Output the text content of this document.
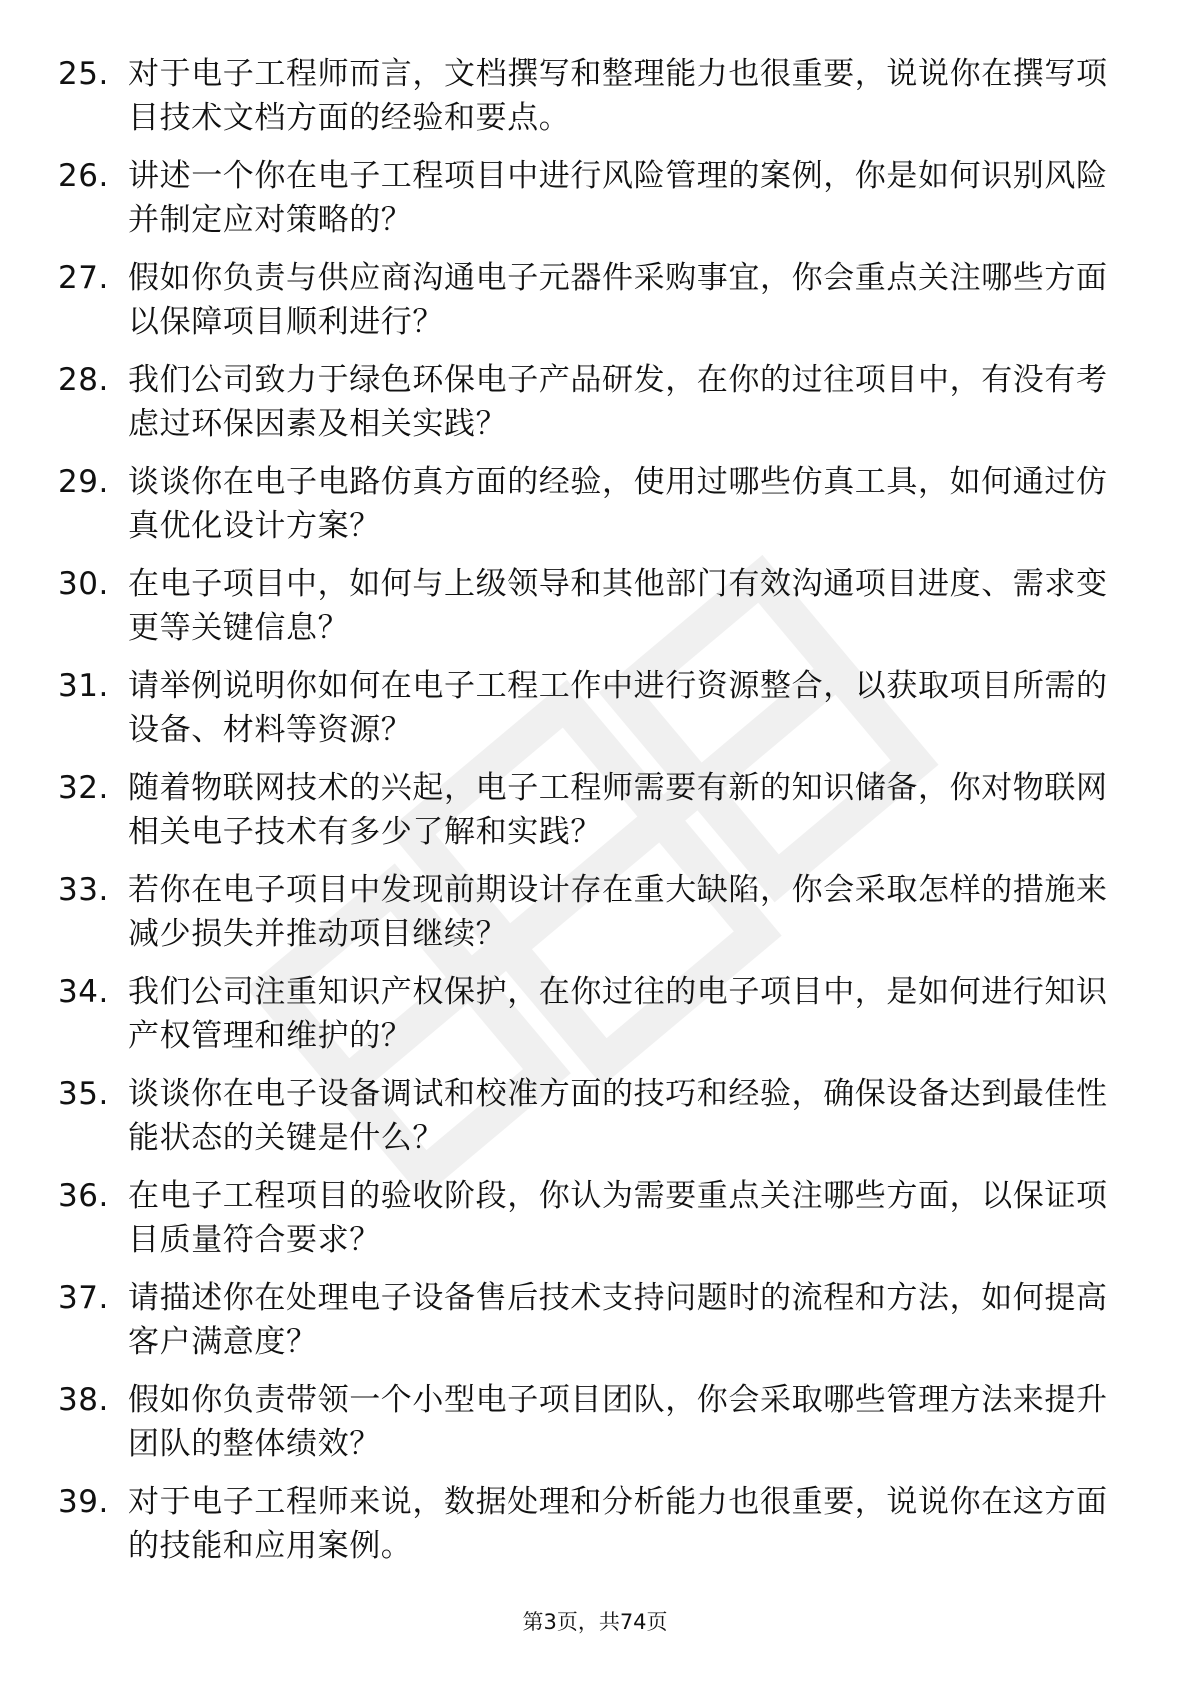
25. 对于电子工程师而言，文档撰写和整理能力也很重要，说说你在撰写项目技术文档方面的经验和要点。
26. 讲述一个你在电子工程项目中进行风险管理的案例，你是如何识别风险并制定应对策略的？
27. 假如你负责与供应商沟通电子元器件采购事宜，你会重点关注哪些方面以保障项目顺利进行？
28. 我们公司致力于绿色环保电子产品研发，在你的过往项目中，有没有考虑过环保因素及相关实践？
29. 谈谈你在电子电路仿真方面的经验，使用过哪些仿真工具，如何通过仿真优化设计方案？
30. 在电子项目中，如何与上级领导和其他部门有效沟通项目进度、需求变更等关键信息？
31. 请举例说明你如何在电子工程工作中进行资源整合，以获取项目所需的设备、材料等资源？
32. 随着物联网技术的兴起，电子工程师需要有新的知识储备，你对物联网相关电子技术有多少了解和实践？
33. 若你在电子项目中发现前期设计存在重大缺陷，你会采取怎样的措施来减少损失并推动项目继续？
34. 我们公司注重知识产权保护，在你过往的电子项目中，是如何进行知识产权管理和维护的？
35. 谈谈你在电子设备调试和校准方面的技巧和经验，确保设备达到最佳性能状态的关键是什么？
36. 在电子工程项目的验收阶段，你认为需要重点关注哪些方面，以保证项目质量符合要求？
37. 请描述你在处理电子设备售后技术支持问题时的流程和方法，如何提高客户满意度？
38. 假如你负责带领一个小型电子项目团队，你会采取哪些管理方法来提升团队的整体绩效？
39. 对于电子工程师来说，数据处理和分析能力也很重要，说说你在这方面的技能和应用案例。
第3页，共74页
